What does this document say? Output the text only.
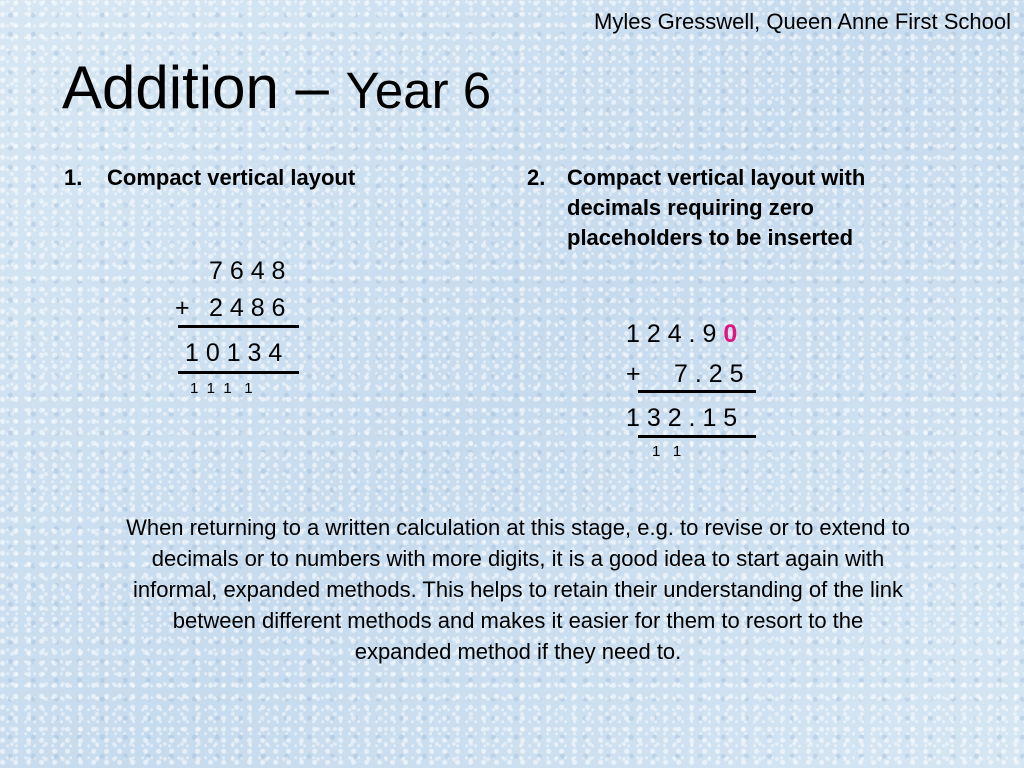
Myles Gresswell, Queen Anne First School
Addition – Year 6
1. Compact vertical layout
7 6 4 8
+ 2 4 8 6
1 0 1 3 4
1  1  1   1
2. Compact vertical layout with decimals requiring zero placeholders to be inserted
1 2 4 . 9 0
+ 7 . 2 5
1 3 2 . 1 5
1   1
When returning to a written calculation at this stage, e.g. to revise or to extend to decimals or to numbers with more digits, it is a good idea to start again with informal, expanded methods. This helps to retain their understanding of the link between different methods and makes it easier for them to resort to the expanded method if they need to.
